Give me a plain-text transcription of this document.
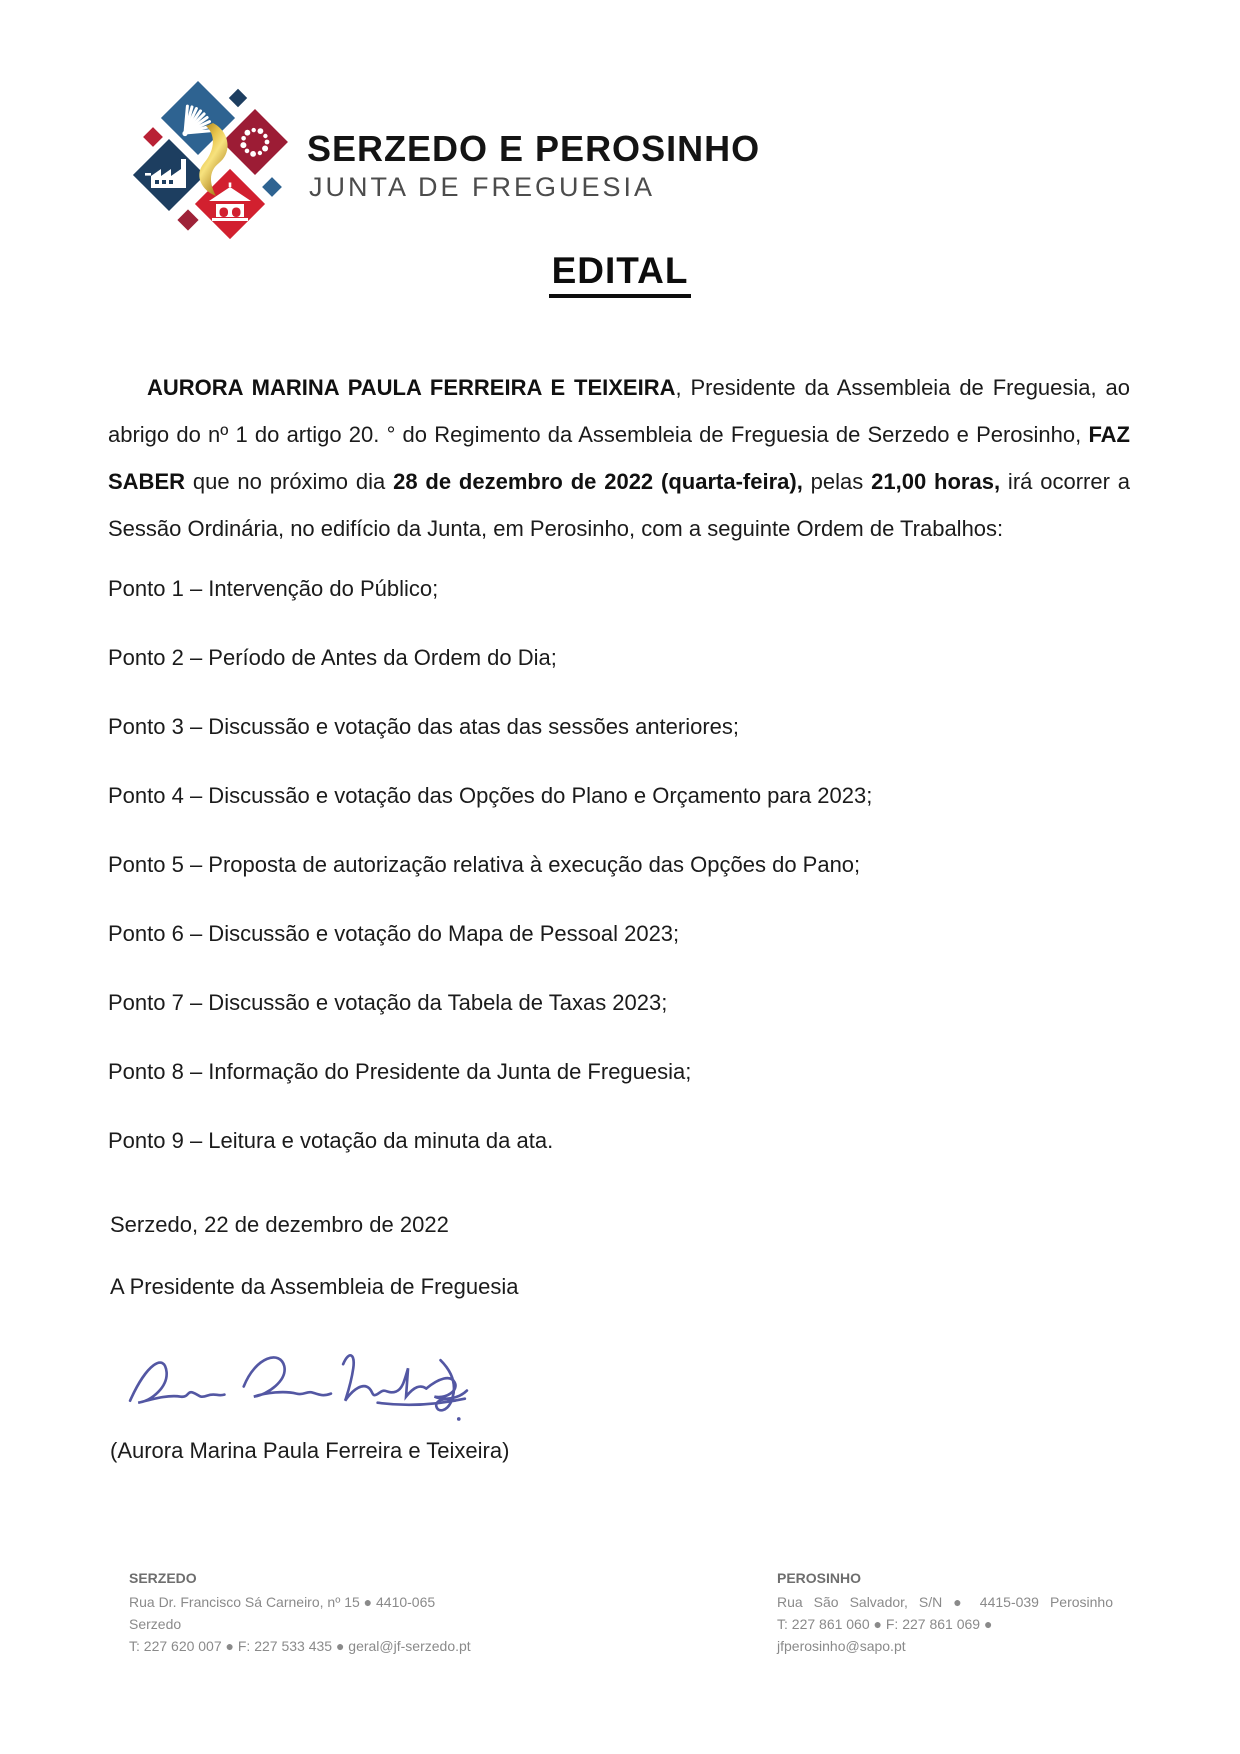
SERZEDO E PEROSINHO
JUNTA DE FREGUESIA
EDITAL

AURORA MARINA PAULA FERREIRA E TEIXEIRA, Presidente da Assembleia de Freguesia, ao abrigo do nº 1 do artigo 20. ° do Regimento da Assembleia de Freguesia de Serzedo e Perosinho, FAZ SABER que no próximo dia 28 de dezembro de 2022 (quarta-feira), pelas 21,00 horas, irá ocorrer a Sessão Ordinária, no edifício da Junta, em Perosinho, com a seguinte Ordem de Trabalhos:

Ponto 1 – Intervenção do Público;
Ponto 2 – Período de Antes da Ordem do Dia;
Ponto 3 – Discussão e votação das atas das sessões anteriores;
Ponto 4 – Discussão e votação das Opções do Plano e Orçamento para 2023;
Ponto 5 – Proposta de autorização relativa à execução das Opções do Pano;
Ponto 6 – Discussão e votação do Mapa de Pessoal 2023;
Ponto 7 – Discussão e votação da Tabela de Taxas 2023;
Ponto 8 – Informação do Presidente da Junta de Freguesia;
Ponto 9 – Leitura e votação da minuta da ata.
Serzedo, 22 de dezembro de 2022
A Presidente da Assembleia de Freguesia
(Aurora Marina Paula Ferreira e Teixeira)
SERZEDO
Rua Dr. Francisco Sá Carneiro, nº 15 ● 4410-065 Serzedo
T: 227 620 007 ● F: 227 533 435 ● geral@jf-serzedo.pt
PEROSINHO
Rua São Salvador, S/N ● 4415-039 Perosinho
T: 227 861 060 ● F: 227 861 069 ● jfperosinho@sapo.pt
